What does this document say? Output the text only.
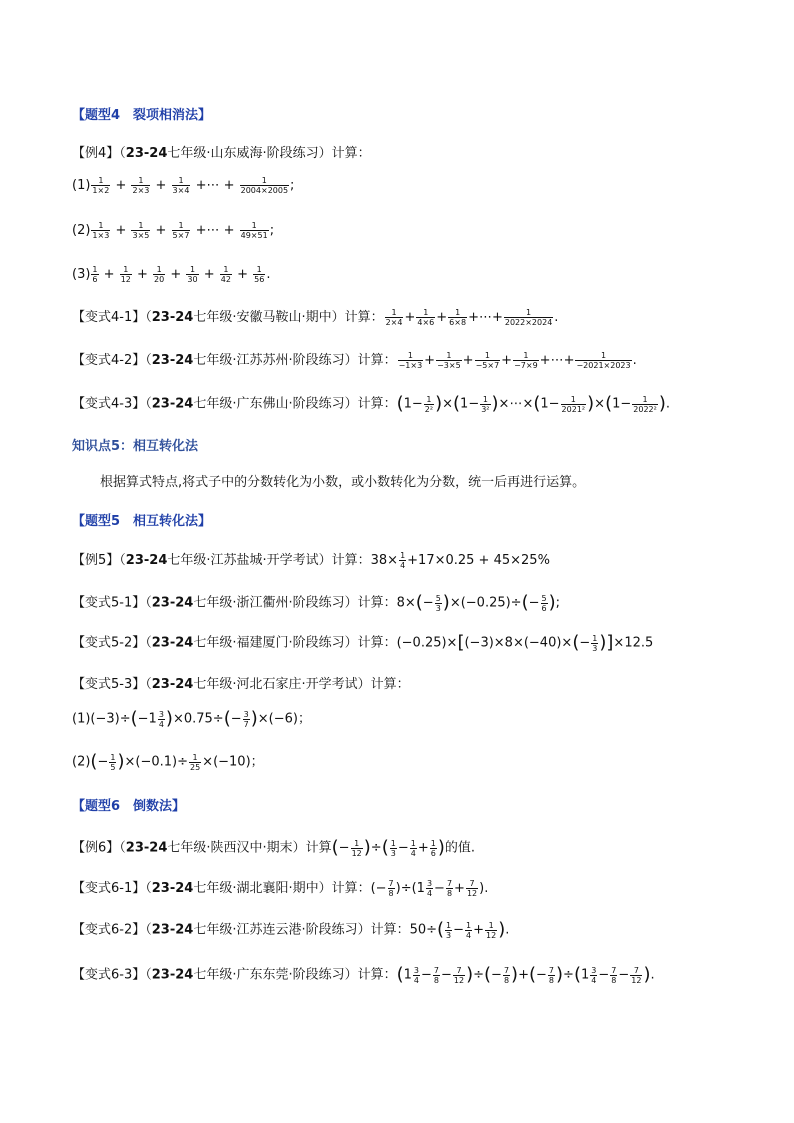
【题型4　裂项相消法】
【例4】（23-24七年级·山东威海·阶段练习）计算：
$(1) \frac{1}{1\times 2} + \frac{1}{2\times 3} + \frac{1}{3\times 4}$ +⋯ + $\frac{1}{2004\times 2005}$ ;
$(2) \frac{1}{1\times 3} + \frac{1}{3\times 5} + \frac{1}{5\times 7}$ +⋯ + $\frac{1}{49\times 51}$ ;
$(3) \frac{1}{6} + \frac{1}{12} + \frac{1}{20} + \frac{1}{30} + \frac{1}{42} + \frac{1}{56}$ .
【变式4-1】（23-24七年级·安徽马鞍山·期中）计算： $\frac{1}{2\times 4} + \frac{1}{4\times 6} + \frac{1}{6\times 8}$ +⋯+ $\frac{1}{2022\times 2024}$ .
【变式4-2】（23-24七年级·江苏苏州·阶段练习）计算： $\frac{1}{-1\times 3} + \frac{1}{-3\times 5} + \frac{1}{-5\times 7} + \frac{1}{-7\times 9}$ +⋯+ $\frac{1}{-2021\times 2023}$ .
【变式4-3】（23-24七年级·广东佛山·阶段练习）计算：$(1- \frac{1}{\text{2²}} )\times(1- \frac{1}{\text{3²}}$ )×⋯×(1− $\frac{1}{\text{2021²}} )\times(1- \frac{1}{\text{2022²}}$ ).
知识点5：相互转化法
根据算式特点,将式子中的分数转化为小数，或小数转化为分数，统一后再进行运算。
【题型5　相互转化法】
【例5】（23-24七年级·江苏盐城·开学考试）计算：$38\times \frac{1}{4} +17\times 0.25 + 45\times 25\%$
【变式5-1】（23-24七年级·浙江衢州·阶段练习）计算：$8\times(- \frac{5}{3} )\times(-0.25)\div(- \frac{5}{6}$ );
【变式5-2】（23-24七年级·福建厦门·阶段练习）计算：$(-0.25)\times[(-3)\times 8\times(-40)\times(- \frac{1}{3} )]\times 12.5$
【变式5-3】（23-24七年级·河北石家庄·开学考试）计算：
$(1)(-3)\div(-1 \frac{3}{4} )\times 0.75\div(- \frac{3}{7} )\times(-6)$；
$(2)(- \frac{1}{5} )\times(-0.1)\div \frac{1}{25} \times(-10)$；
【题型6　倒数法】
【例6】（23-24七年级·陕西汉中·期末）计算(− $\frac{1}{12}$ )÷( $\frac{1}{3} - \frac{1}{4} + \frac{1}{6}$ )的值.
【变式6-1】（23-24七年级·湖北襄阳·期中）计算：(− $\frac{7}{8} )\div(1 \frac{3}{4} - \frac{7}{8} + \frac{7}{12}$ ).
【变式6-2】（23-24七年级·江苏连云港·阶段练习）计算：$50\div( \frac{1}{3} - \frac{1}{4} + \frac{1}{12}$ ).
【变式6-3】（23-24七年级·广东东莞·阶段练习）计算：($1 \frac{3}{4} - \frac{7}{8} - \frac{7}{12}$ )÷(− $\frac{7}{8}$ )+(− $\frac{7}{8} )\div(1 \frac{3}{4} - \frac{7}{8} - \frac{7}{12}$ ).
